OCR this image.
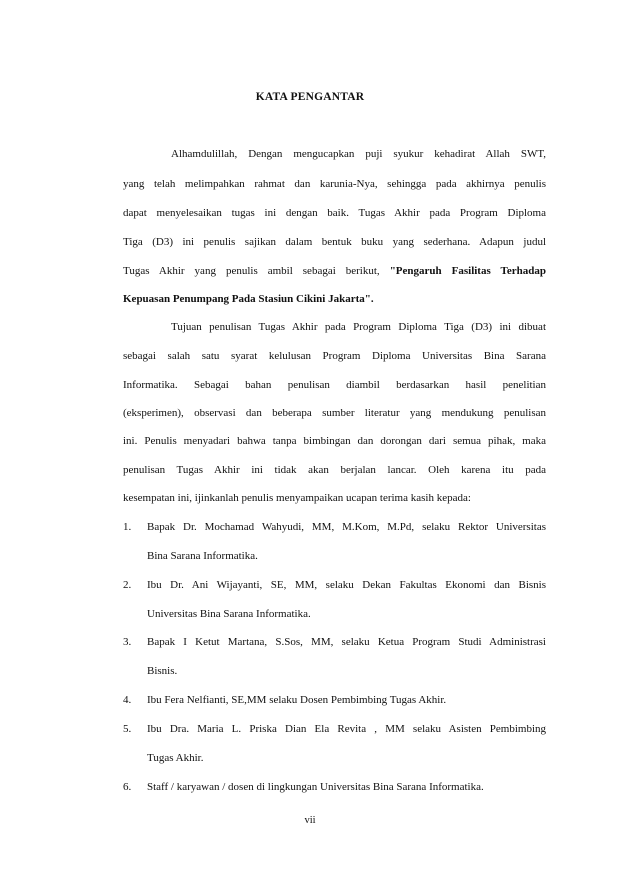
KATA PENGANTAR
Alhamdulillah, Dengan mengucapkan puji syukur kehadirat Allah SWT,
yang telah melimpahkan rahmat dan karunia-Nya, sehingga pada akhirnya penulis
dapat menyelesaikan tugas ini dengan baik. Tugas Akhir pada Program Diploma
Tiga (D3) ini penulis sajikan dalam bentuk buku yang sederhana. Adapun judul
Tugas Akhir yang penulis ambil sebagai berikut, "Pengaruh Fasilitas Terhadap
Kepuasan Penumpang Pada Stasiun Cikini Jakarta".
Tujuan penulisan Tugas Akhir pada Program Diploma Tiga (D3) ini dibuat
sebagai salah satu syarat kelulusan Program Diploma Universitas Bina Sarana
Informatika. Sebagai bahan penulisan diambil berdasarkan hasil penelitian
(eksperimen), observasi dan beberapa sumber literatur yang mendukung penulisan
ini. Penulis menyadari bahwa tanpa bimbingan dan dorongan dari semua pihak, maka
penulisan Tugas Akhir ini tidak akan berjalan lancar. Oleh karena itu pada
kesempatan ini, ijinkanlah penulis menyampaikan ucapan terima kasih kepada:
1. Bapak Dr. Mochamad Wahyudi, MM, M.Kom, M.Pd, selaku Rektor Universitas
Bina Sarana Informatika.
2. Ibu Dr. Ani Wijayanti, SE, MM, selaku Dekan Fakultas Ekonomi dan Bisnis
Universitas Bina Sarana Informatika.
3. Bapak I Ketut Martana, S.Sos, MM, selaku Ketua Program Studi Administrasi
Bisnis.
4. Ibu Fera Nelfianti, SE,MM selaku Dosen Pembimbing Tugas Akhir.
5. Ibu Dra. Maria L. Priska Dian Ela Revita , MM selaku Asisten Pembimbing
Tugas Akhir.
6. Staff / karyawan / dosen di lingkungan Universitas Bina Sarana Informatika.
vii
